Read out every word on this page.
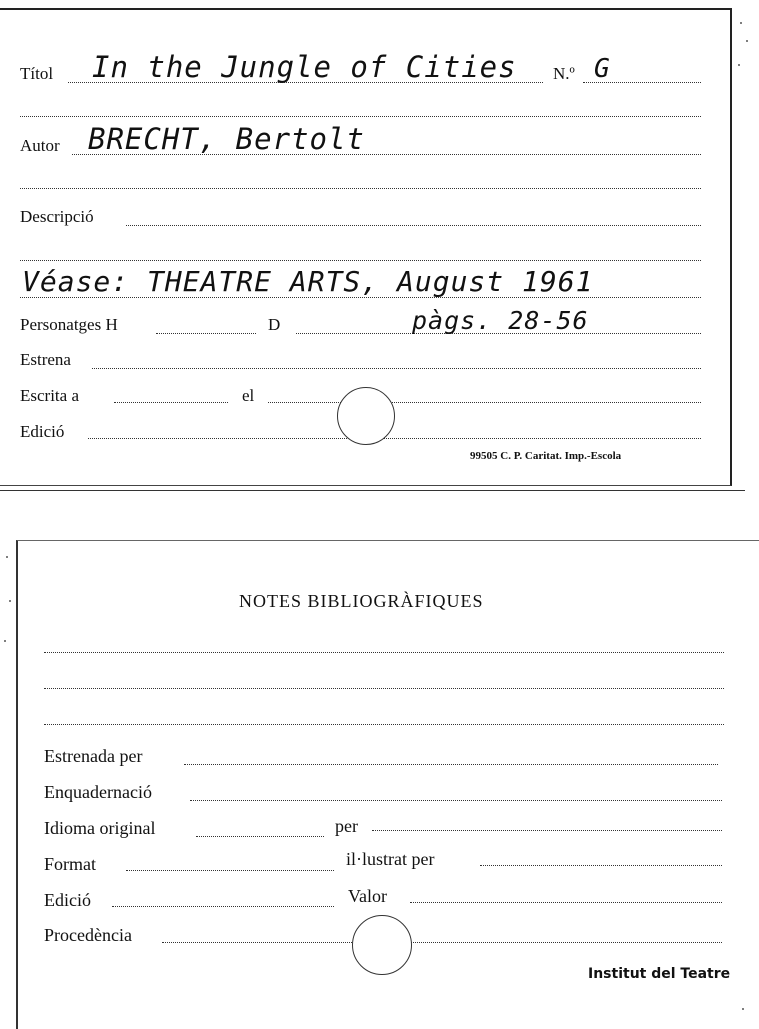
Títol In the Jungle of Cities N.º G
Autor BRECHT, Bertolt
Descripció
Véase: THEATRE ARTS, August 1961
Personatges H	D	pàgs. 28-56
Estrena
Escrita a	el
Edició
99505 C. P. Caritat. Imp.-Escola
NOTES BIBLIOGRÀFIQUES
Estrenada per
Enquadernació
Idioma original	per
Format	il·lustrat per
Edició	Valor
Procedència
Institut del Teatre
